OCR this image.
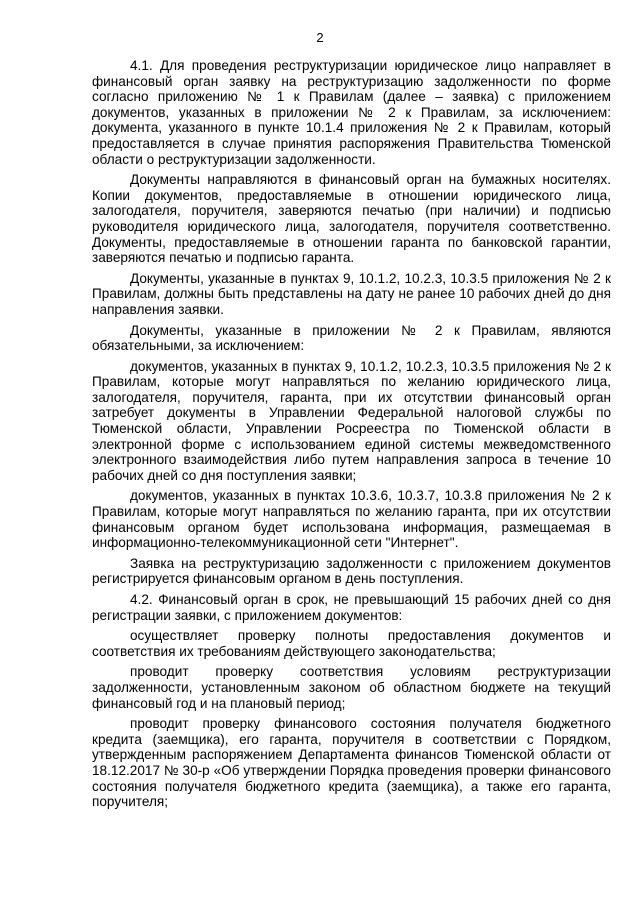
2

4.1. Для проведения реструктуризации юридическое лицо направляет в финансовый орган заявку на реструктуризацию задолженности по форме согласно приложению № 1 к Правилам (далее – заявка) с приложением документов, указанных в приложении № 2 к Правилам, за исключением: документа, указанного в пункте 10.1.4 приложения № 2 к Правилам, который предоставляется в случае принятия распоряжения Правительства Тюменской области о реструктуризации задолженности.

Документы направляются в финансовый орган на бумажных носителях. Копии документов, предоставляемые в отношении юридического лица, залогодателя, поручителя, заверяются печатью (при наличии) и подписью руководителя юридического лица, залогодателя, поручителя соответственно. Документы, предоставляемые в отношении гаранта по банковской гарантии, заверяются печатью и подписью гаранта.

Документы, указанные в пунктах 9, 10.1.2, 10.2.3, 10.3.5 приложения № 2 к Правилам, должны быть представлены на дату не ранее 10 рабочих дней до дня направления заявки.

Документы, указанные в приложении № 2 к Правилам, являются обязательными, за исключением:

документов, указанных в пунктах 9, 10.1.2, 10.2.3, 10.3.5 приложения № 2 к Правилам, которые могут направляться по желанию юридического лица, залогодателя, поручителя, гаранта, при их отсутствии финансовый орган затребует документы в Управлении Федеральной налоговой службы по Тюменской области, Управлении Росреестра по Тюменской области в электронной форме с использованием единой системы межведомственного электронного взаимодействия либо путем направления запроса в течение 10 рабочих дней со дня поступления заявки;

документов, указанных в пунктах 10.3.6, 10.3.7, 10.3.8 приложения № 2 к Правилам, которые могут направляться по желанию гаранта, при их отсутствии финансовым органом будет использована информация, размещаемая в информационно-телекоммуникационной сети "Интернет".

Заявка на реструктуризацию задолженности с приложением документов регистрируется финансовым органом в день поступления.

4.2. Финансовый орган в срок, не превышающий 15 рабочих дней со дня регистрации заявки, с приложением документов:

осуществляет проверку полноты предоставления документов и соответствия их требованиям действующего законодательства;

проводит проверку соответствия условиям реструктуризации задолженности, установленным законом об областном бюджете на текущий финансовый год и на плановый период;

проводит проверку финансового состояния получателя бюджетного кредита (заемщика), его гаранта, поручителя в соответствии с Порядком, утвержденным распоряжением Департамента финансов Тюменской области от 18.12.2017 № 30-р «Об утверждении Порядка проведения проверки финансового состояния получателя бюджетного кредита (заемщика), а также его гаранта, поручителя;
